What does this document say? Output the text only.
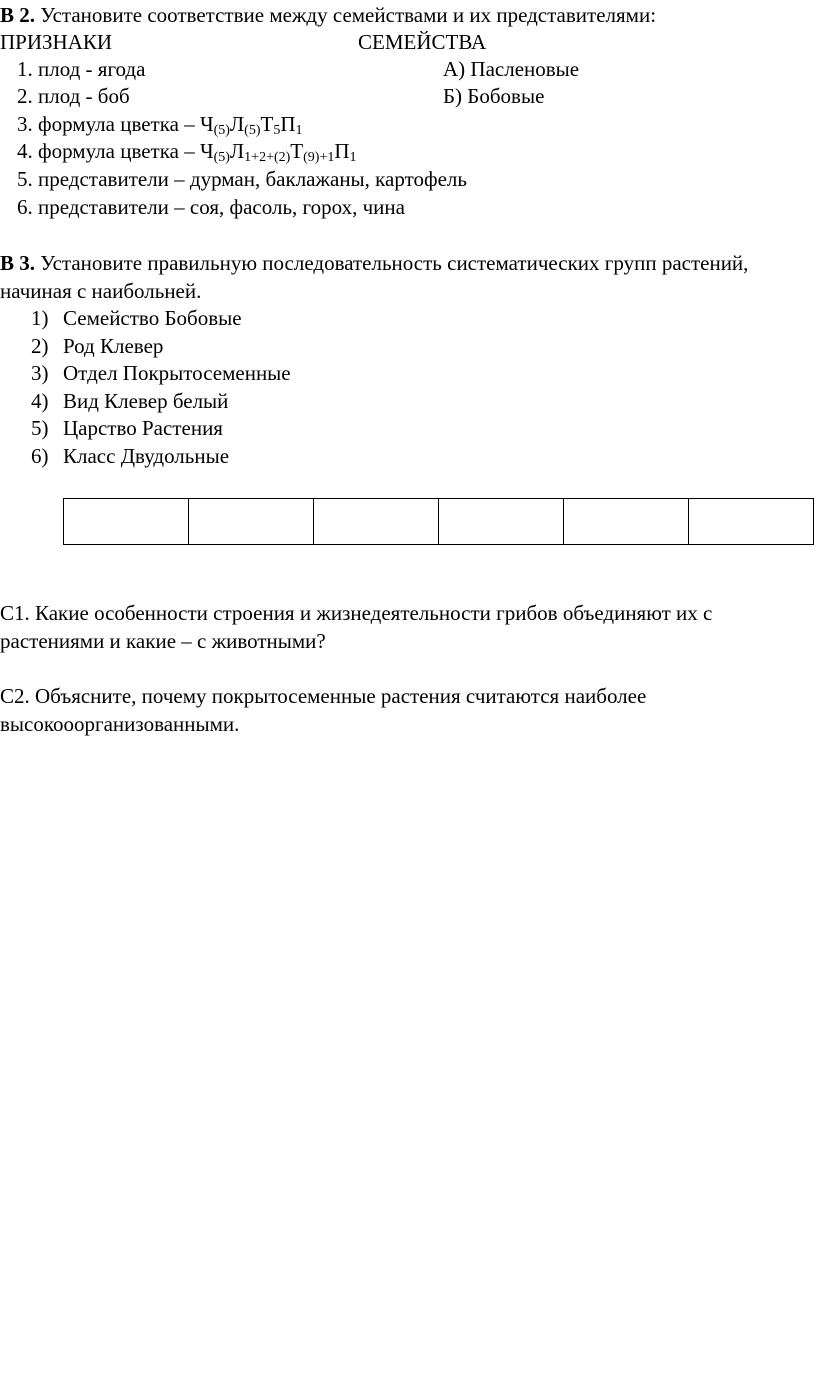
В 2. Установите соответствие между семействами и их представителями:
ПРИЗНАКИ	СЕМЕЙСТВА
1. плод - ягода	А) Пасленовые
2. плод - боб	Б) Бобовые
3. формула цветка – $Ч_{(5)}Л_{(5)}Т_5П_1$
4. формула цветка – $Ч_{(5)}Л_{1+2+(2)}Т_{(9)+1}П_1$
5. представители – дурман, баклажаны, картофель
6. представители – соя, фасоль, горох, чина
В 3. Установите правильную последовательность систематических групп растений,
начиная с наибольней.
1) Семейство Бобовые
2) Род Клевер
3) Отдел Покрытосеменные
4) Вид Клевер белый
5) Царство Растения
6) Класс Двудольные

С1. Какие особенности строения и жизнедеятельности грибов объединяют их с
растениями и какие – с животными?
С2. Объясните, почему покрытосеменные растения считаются наиболее
высокооорганизованными.
